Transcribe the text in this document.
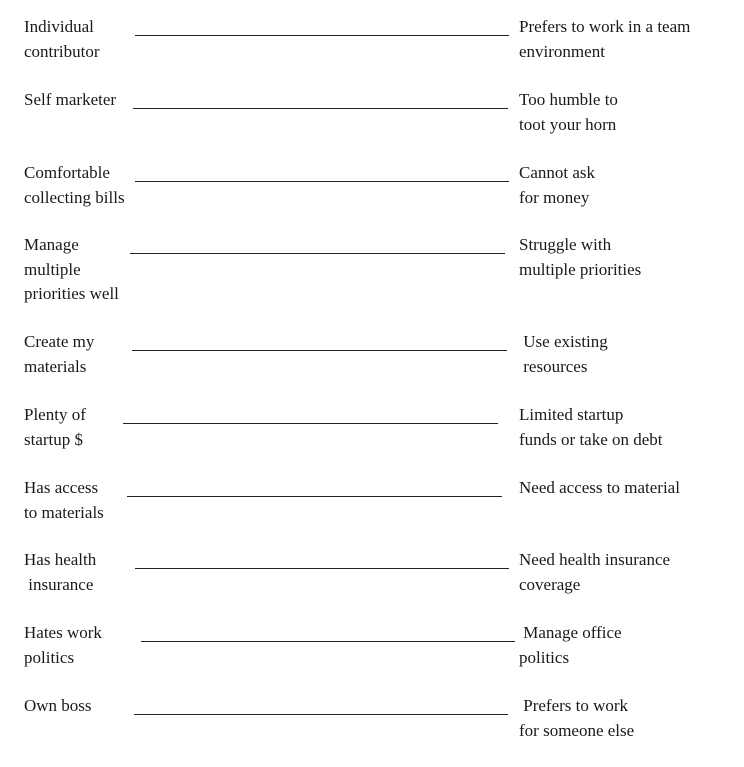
Individual
contributor
Prefers to work in a team
environment
Self marketer	Too humble to
toot your horn
Comfortable
collecting bills
Cannot ask
for money
Manage
multiple
priorities well
Struggle with
multiple priorities
Create my
materials
Use existing
resources
Plenty of
startup $
Limited startup
funds or take on debt
Has access
to materials
Need access to material
Has health
insurance
Need health insurance
coverage
Hates work
politics
Manage office
politics
Own boss	Prefers to work
for someone else
